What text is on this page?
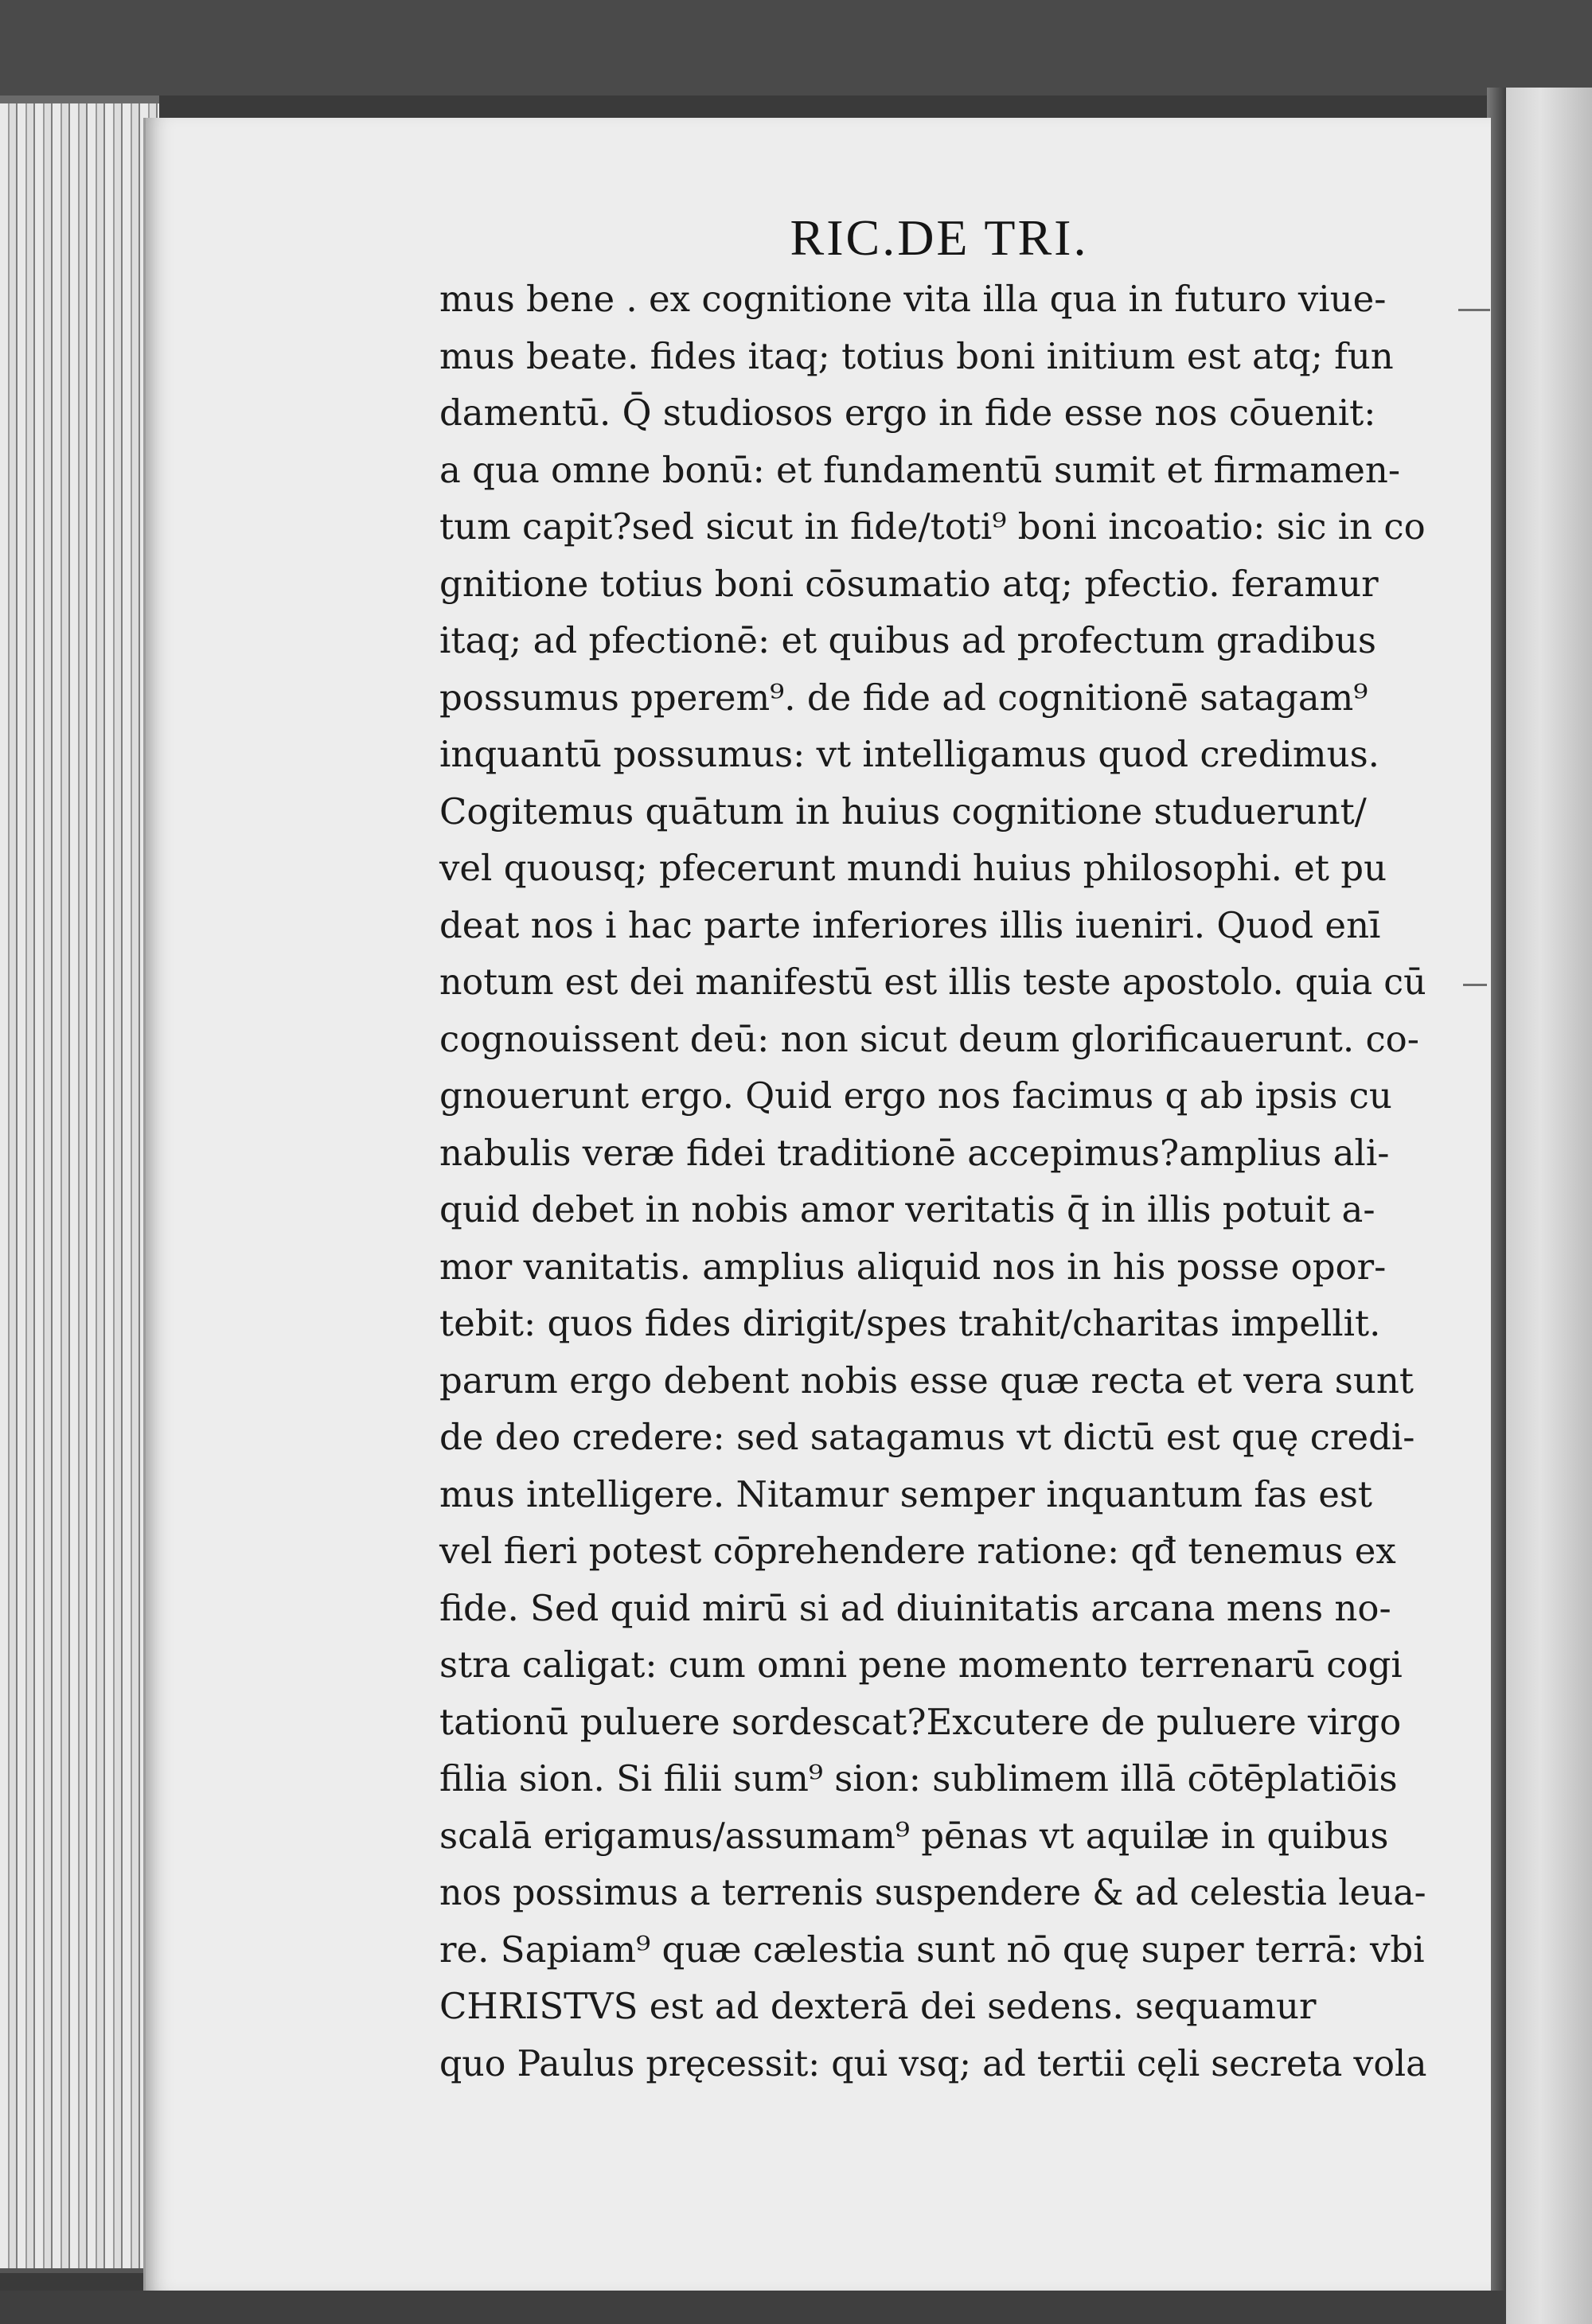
RIC.DE TRI.
mus bene . ex cognitione vita illa qua in futuro viue-
mus beate. fides itaq; totius boni initium est atq; fun
damentū. Q̄ studiosos ergo in fide esse nos cōuenit:
a qua omne bonū: et fundamentū sumit et firmamen-
tum capit?sed sicut in fide/toti⁹ boni incoatio: sic in co
gnitione totius boni cōsumatio atq; pfectio. feramur
itaq; ad pfectionē: et quibus ad profectum gradibus
possumus pperem⁹. de fide ad cognitionē satagam⁹
inquantū possumus: vt intelligamus quod credimus.
Cogitemus quātum in huius cognitione studuerunt/
vel quousq; pfecerunt mundi huius philosophi. et pu
deat nos i hac parte inferiores illis iueniri. Quod enī
notum est dei manifestū est illis teste apostolo. quia cū
cognouissent deū: non sicut deum glorificauerunt. co-
gnouerunt ergo. Quid ergo nos facimus q ab ipsis cu
nabulis veræ fidei traditionē accepimus?amplius ali-
quid debet in nobis amor veritatis q̄ in illis potuit a-
mor vanitatis. amplius aliquid nos in his posse opor-
tebit: quos fides dirigit/spes trahit/charitas impellit.
parum ergo debent nobis esse quæ recta et vera sunt
de deo credere: sed satagamus vt dictū est quę credi-
mus intelligere. Nitamur semper inquantum fas est
vel fieri potest cōprehendere ratione: qđ tenemus ex
fide. Sed quid mirū si ad diuinitatis arcana mens no-
stra caligat: cum omni pene momento terrenarū cogi
tationū puluere sordescat?Excutere de puluere virgo
filia sion. Si filii sum⁹ sion: sublimem illā cōtēplatiōis
scalā erigamus/assumam⁹ pēnas vt aquilæ in quibus
nos possimus a terrenis suspendere & ad celestia leua-
re. Sapiam⁹ quæ cælestia sunt nō quę super terrā: vbi
CHRISTVS est ad dexterā dei sedens. sequamur
quo Paulus pręcessit: qui vsq; ad tertii cęli secreta vola
